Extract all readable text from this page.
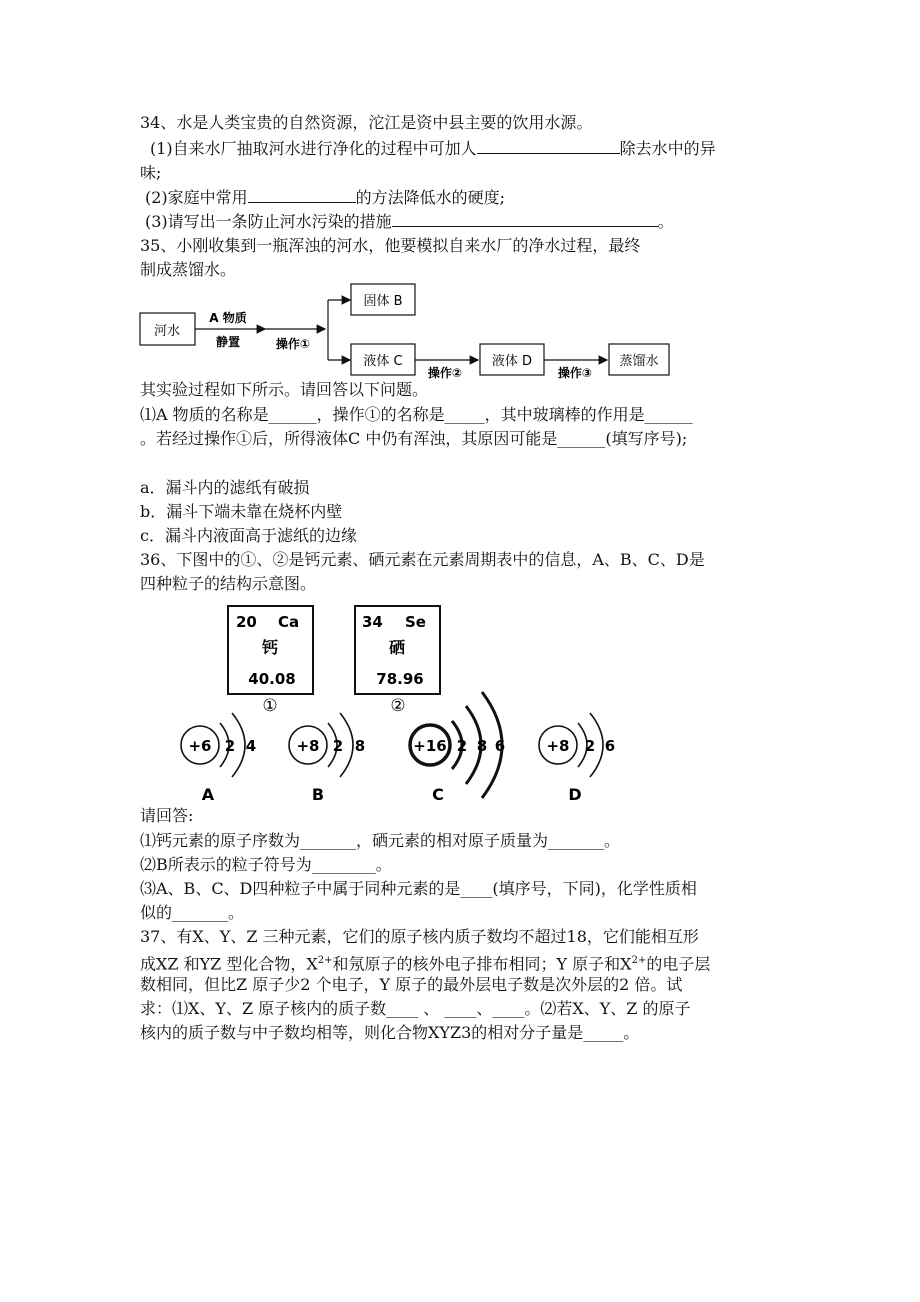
34、水是人类宝贵的自然资源，沱江是资中县主要的饮用水源。
(1)自来水厂抽取河水进行净化的过程中可加人	除去水中的异
味;
(2)家庭中常用	的方法降低水的硬度;
(3)请写出一条防止河水污染的措施	。
35、小刚收集到一瓶浑浊的河水，他要模拟自来水厂的净水过程，最终
制成蒸馏水。
河水
A 物质
静置	操作①
固体 B
液体 C
操作②
液体 D
操作③
蒸馏水
其实验过程如下所示。请回答以下问题。
⑴A 物质的名称是______，操作①的名称是_____，其中玻璃棒的作用是______
。若经过操作①后，所得液体C 中仍有浑浊，其原因可能是______(填写序号);
a．漏斗内的滤纸有破损
b．漏斗下端未靠在烧杯内壁
c．漏斗内液面高于滤纸的边缘
36、下图中的①、②是钙元素、硒元素在元素周期表中的信息，A、B、C、D是
四种粒子的结构示意图。
20 Ca
钙
40.08
①
34 Se
硒
78.96
②
+6 2 4
A
+8 2 8
B
+16 2 8 6
C
+8 2 6
D
请回答:
⑴钙元素的原子序数为_______，硒元素的相对原子质量为_______。
⑵B所表示的粒子符号为________。
⑶A、B、C、D四种粒子中属于同种元素的是____(填序号，下同)，化学性质相
似的_______。
37、有X、Y、Z 三种元素，它们的原子核内质子数均不超过18，它们能相互形
成XZ 和YZ 型化合物，$X^{2+}$和氖原子的核外电子排布相同；Y 原子和$X^{2+}$的电子层
数相同，但比Z 原子少2 个电子，Y 原子的最外层电子数是次外层的2 倍。试
求：⑴X、Y、Z 原子核内的质子数____ 、 ____、____。⑵若X、Y、Z 的原子
核内的质子数与中子数均相等，则化合物XYZ3的相对分子量是_____。
